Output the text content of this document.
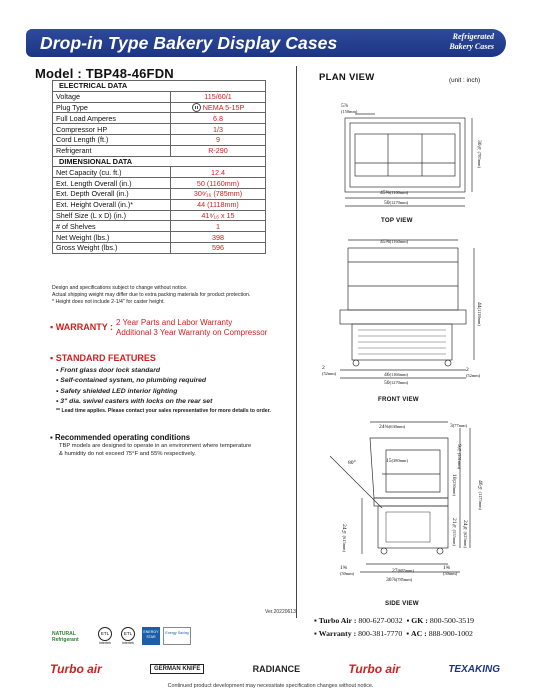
Drop-in Type Bakery Display Cases	Refrigerated
Bakery Cases
Model : TBP48-46FDN
ELECTRICAL DATA	
Voltage	115/60/1
Plug Type	NEMA 5-15P
Full Load Amperes	6.8
Compressor HP	1/3
Cord Length (ft.)	9
Refrigerant	R-290
DIMENSIONAL DATA	
Net Capacity (cu. ft.)	12.4
Ext. Length Overall (in.)	50 (1160mm)
Ext. Depth Overall (in.)	30⁸⁄₁₆ (785mm)
Ext. Height Overall (in.)*	44 (1118mm)
Shelf Size (L x D) (in.)	41⁸⁄₁₆ x 15
# of Shelves	1
Net Weight (lbs.)	398
Gross Weight (lbs.)	596
Design and specifications subject to change without notice.
Actual shipping weight may differ due to extra packing materials for product protection.
* Height does not include 2-1/4" for caster height.
▪ WARRANTY : 2 Year Parts and Labor Warranty
Additional 3 Year Warranty on Compressor
▪ STANDARD FEATURES
• Front glass door lock standard
• Self-contained system, no plumbing required
• Safety shielded LED interior lighting
• 3" dia. swivel casters with locks on the rear set
** Lead time applies. Please contact your sales representative for more details to order.
▪ Recommended operating conditions
TBP models are designed to operate in an environment where temperature
& humidity do not exceed 75°F and 55% respectively.
Ver.20220613
PLAN VIEW	(unit : inch)
5⅞
(150mm)
45⅝(1160mm)
50(1270mm)
30⅞(785mm)
TOP VIEW
45⅝(1160mm)
44(1118mm)
2
(52mm)	46(1166mm)
50(1270mm)
2
(52mm)
FRONT VIEW
24¾(630mm)	3(77mm)
15(380mm)
9⅞(251mm)
80°
10(250mm)	46⅛(1175mm)
21⅞(555mm)
24⅝(625mm)
24⅛(615mm)
1⅝
(50mm)	27(685mm)	1⅝
(50mm)
30⅞(785mm)
SIDE VIEW
▪ Turbo Air : 800-627-0032  ▪ GK : 800-500-3519
▪ Warranty : 800-381-7770  ▪ AC : 888-900-1002
NATURAL Refrigerant
ETL
Intertek
ETL
Intertek
ENERGY STAR
Energy Saving
Turbo air	GERMAN KNIFE	RADIANCE	Turbo air	TEXAKING
Continued product development may necessitate specification changes without notice.
